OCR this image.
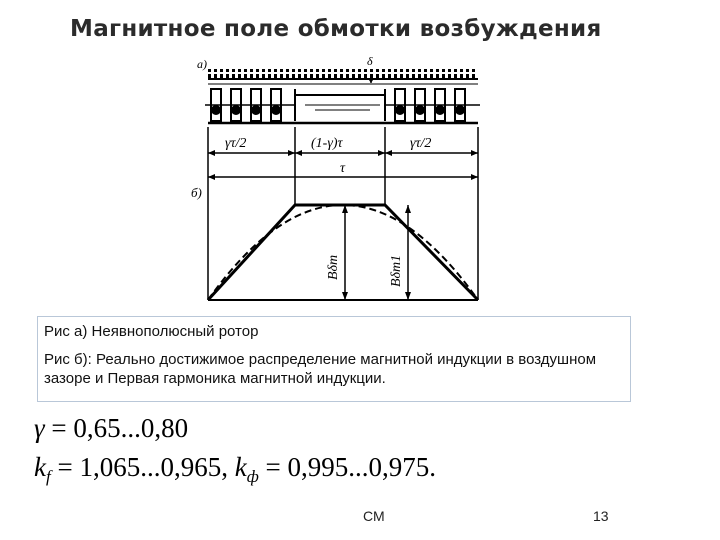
Магнитное поле обмотки возбуждения
а)	δ
γτ/2	(1-γ)τ	γτ/2
τ
б)
Bδm	Bδm1
Рис а) Неявнополюсный ротор
Рис б): Реально достижимое распределение магнитной индукции в воздушном зазоре и Первая гармоника магнитной индукции.
γ = 0,65...0,80
$k_f = 1,065...0,965$, $k_ф = 0,995...0,975$.
СМ	13
